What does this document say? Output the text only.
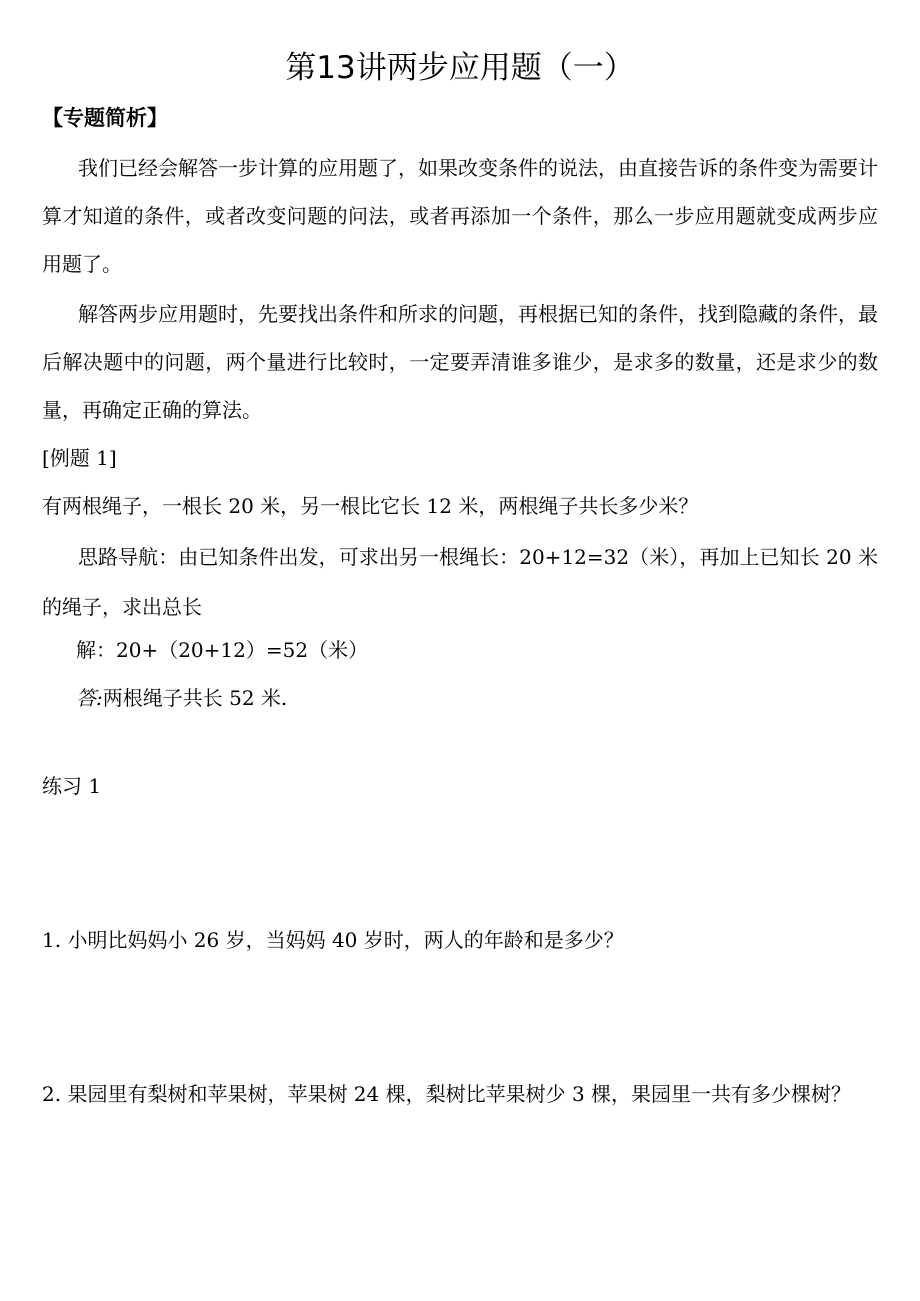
第13讲两步应用题（一）
【专题简析】

我们已经会解答一步计算的应用题了，如果改变条件的说法，由直接告诉的条件变为需要计算才知道的条件，或者改变问题的问法，或者再添加一个条件，那么一步应用题就变成两步应用题了。

解答两步应用题时，先要找出条件和所求的问题，再根据已知的条件，找到隐藏的条件，最后解决题中的问题，两个量进行比较时，一定要弄清谁多谁少，是求多的数量，还是求少的数量，再确定正确的算法。

[例题 1]
有两根绳子，一根长 20 米，另一根比它长 12 米，两根绳子共长多少米？

思路导航：由已知条件出发，可求出另一根绳长：20+12=32（米），再加上已知长 20 米的绳子，求出总长

解：20+（20+12）=52（米）
答:两根绳子共长 52 米.
练习 1
1. 小明比妈妈小 26 岁，当妈妈 40 岁时，两人的年龄和是多少？
2. 果园里有梨树和苹果树，苹果树 24 棵，梨树比苹果树少 3 棵，果园里一共有多少棵树？
